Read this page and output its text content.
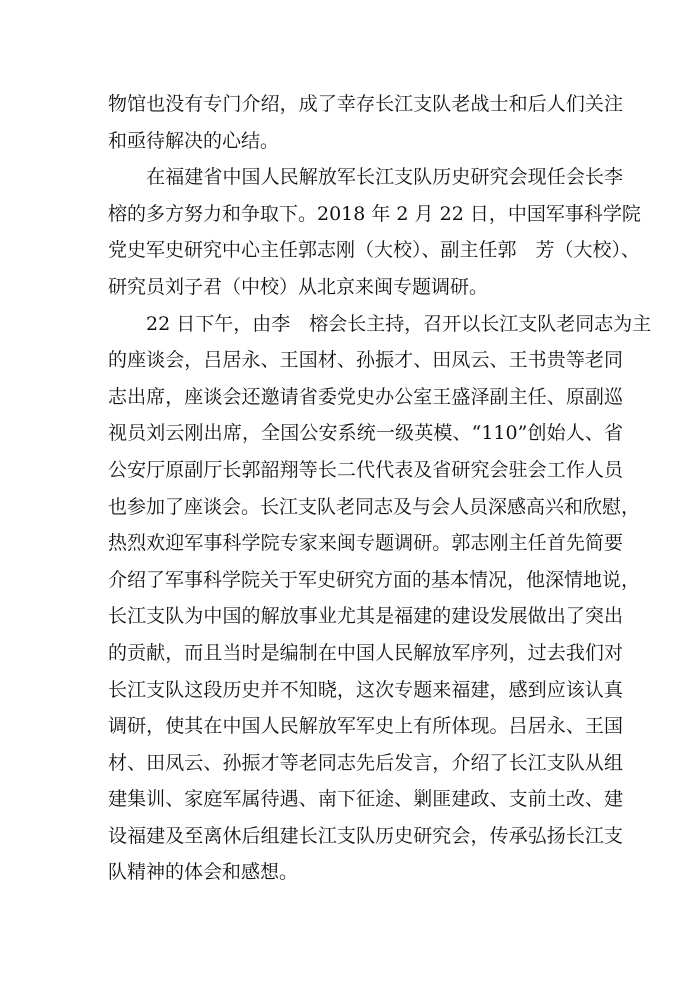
物馆也没有专门介绍，成了幸存长江支队老战士和后人们关注
和亟待解决的心结。
　　在福建省中国人民解放军长江支队历史研究会现任会长李
榕的多方努力和争取下。2018 年 2 月 22 日，中国军事科学院
党史军史研究中心主任郭志刚（大校）、副主任郭　芳（大校）、
研究员刘子君（中校）从北京来闽专题调研。
　　22 日下午，由李　榕会长主持，召开以长江支队老同志为主
的座谈会，吕居永、王国材、孙振才、田凤云、王书贵等老同
志出席，座谈会还邀请省委党史办公室王盛泽副主任、原副巡
视员刘云刚出席，全国公安系统一级英模、“110”创始人、省
公安厅原副厅长郭韶翔等长二代代表及省研究会驻会工作人员
也参加了座谈会。长江支队老同志及与会人员深感高兴和欣慰，
热烈欢迎军事科学院专家来闽专题调研。郭志刚主任首先简要
介绍了军事科学院关于军史研究方面的基本情况，他深情地说，
长江支队为中国的解放事业尤其是福建的建设发展做出了突出
的贡献，而且当时是编制在中国人民解放军序列，过去我们对
长江支队这段历史并不知晓，这次专题来福建，感到应该认真
调研，使其在中国人民解放军军史上有所体现。吕居永、王国
材、田凤云、孙振才等老同志先后发言，介绍了长江支队从组
建集训、家庭军属待遇、南下征途、剿匪建政、支前土改、建
设福建及至离休后组建长江支队历史研究会，传承弘扬长江支
队精神的体会和感想。
